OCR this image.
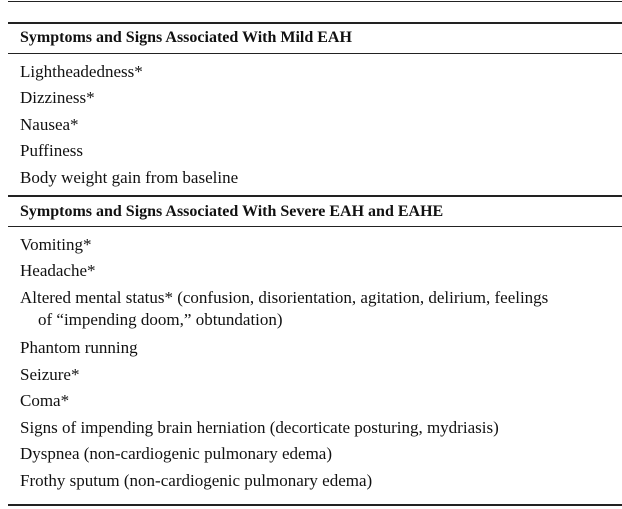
Symptoms and Signs Associated With Mild EAH
Lightheadedness*
Dizziness*
Nausea*
Puffiness
Body weight gain from baseline
Symptoms and Signs Associated With Severe EAH and EAHE
Vomiting*
Headache*
Altered mental status* (confusion, disorientation, agitation, delirium, feelings
of “impending doom,” obtundation)
Phantom running
Seizure*
Coma*
Signs of impending brain herniation (decorticate posturing, mydriasis)
Dyspnea (non-cardiogenic pulmonary edema)
Frothy sputum (non-cardiogenic pulmonary edema)
